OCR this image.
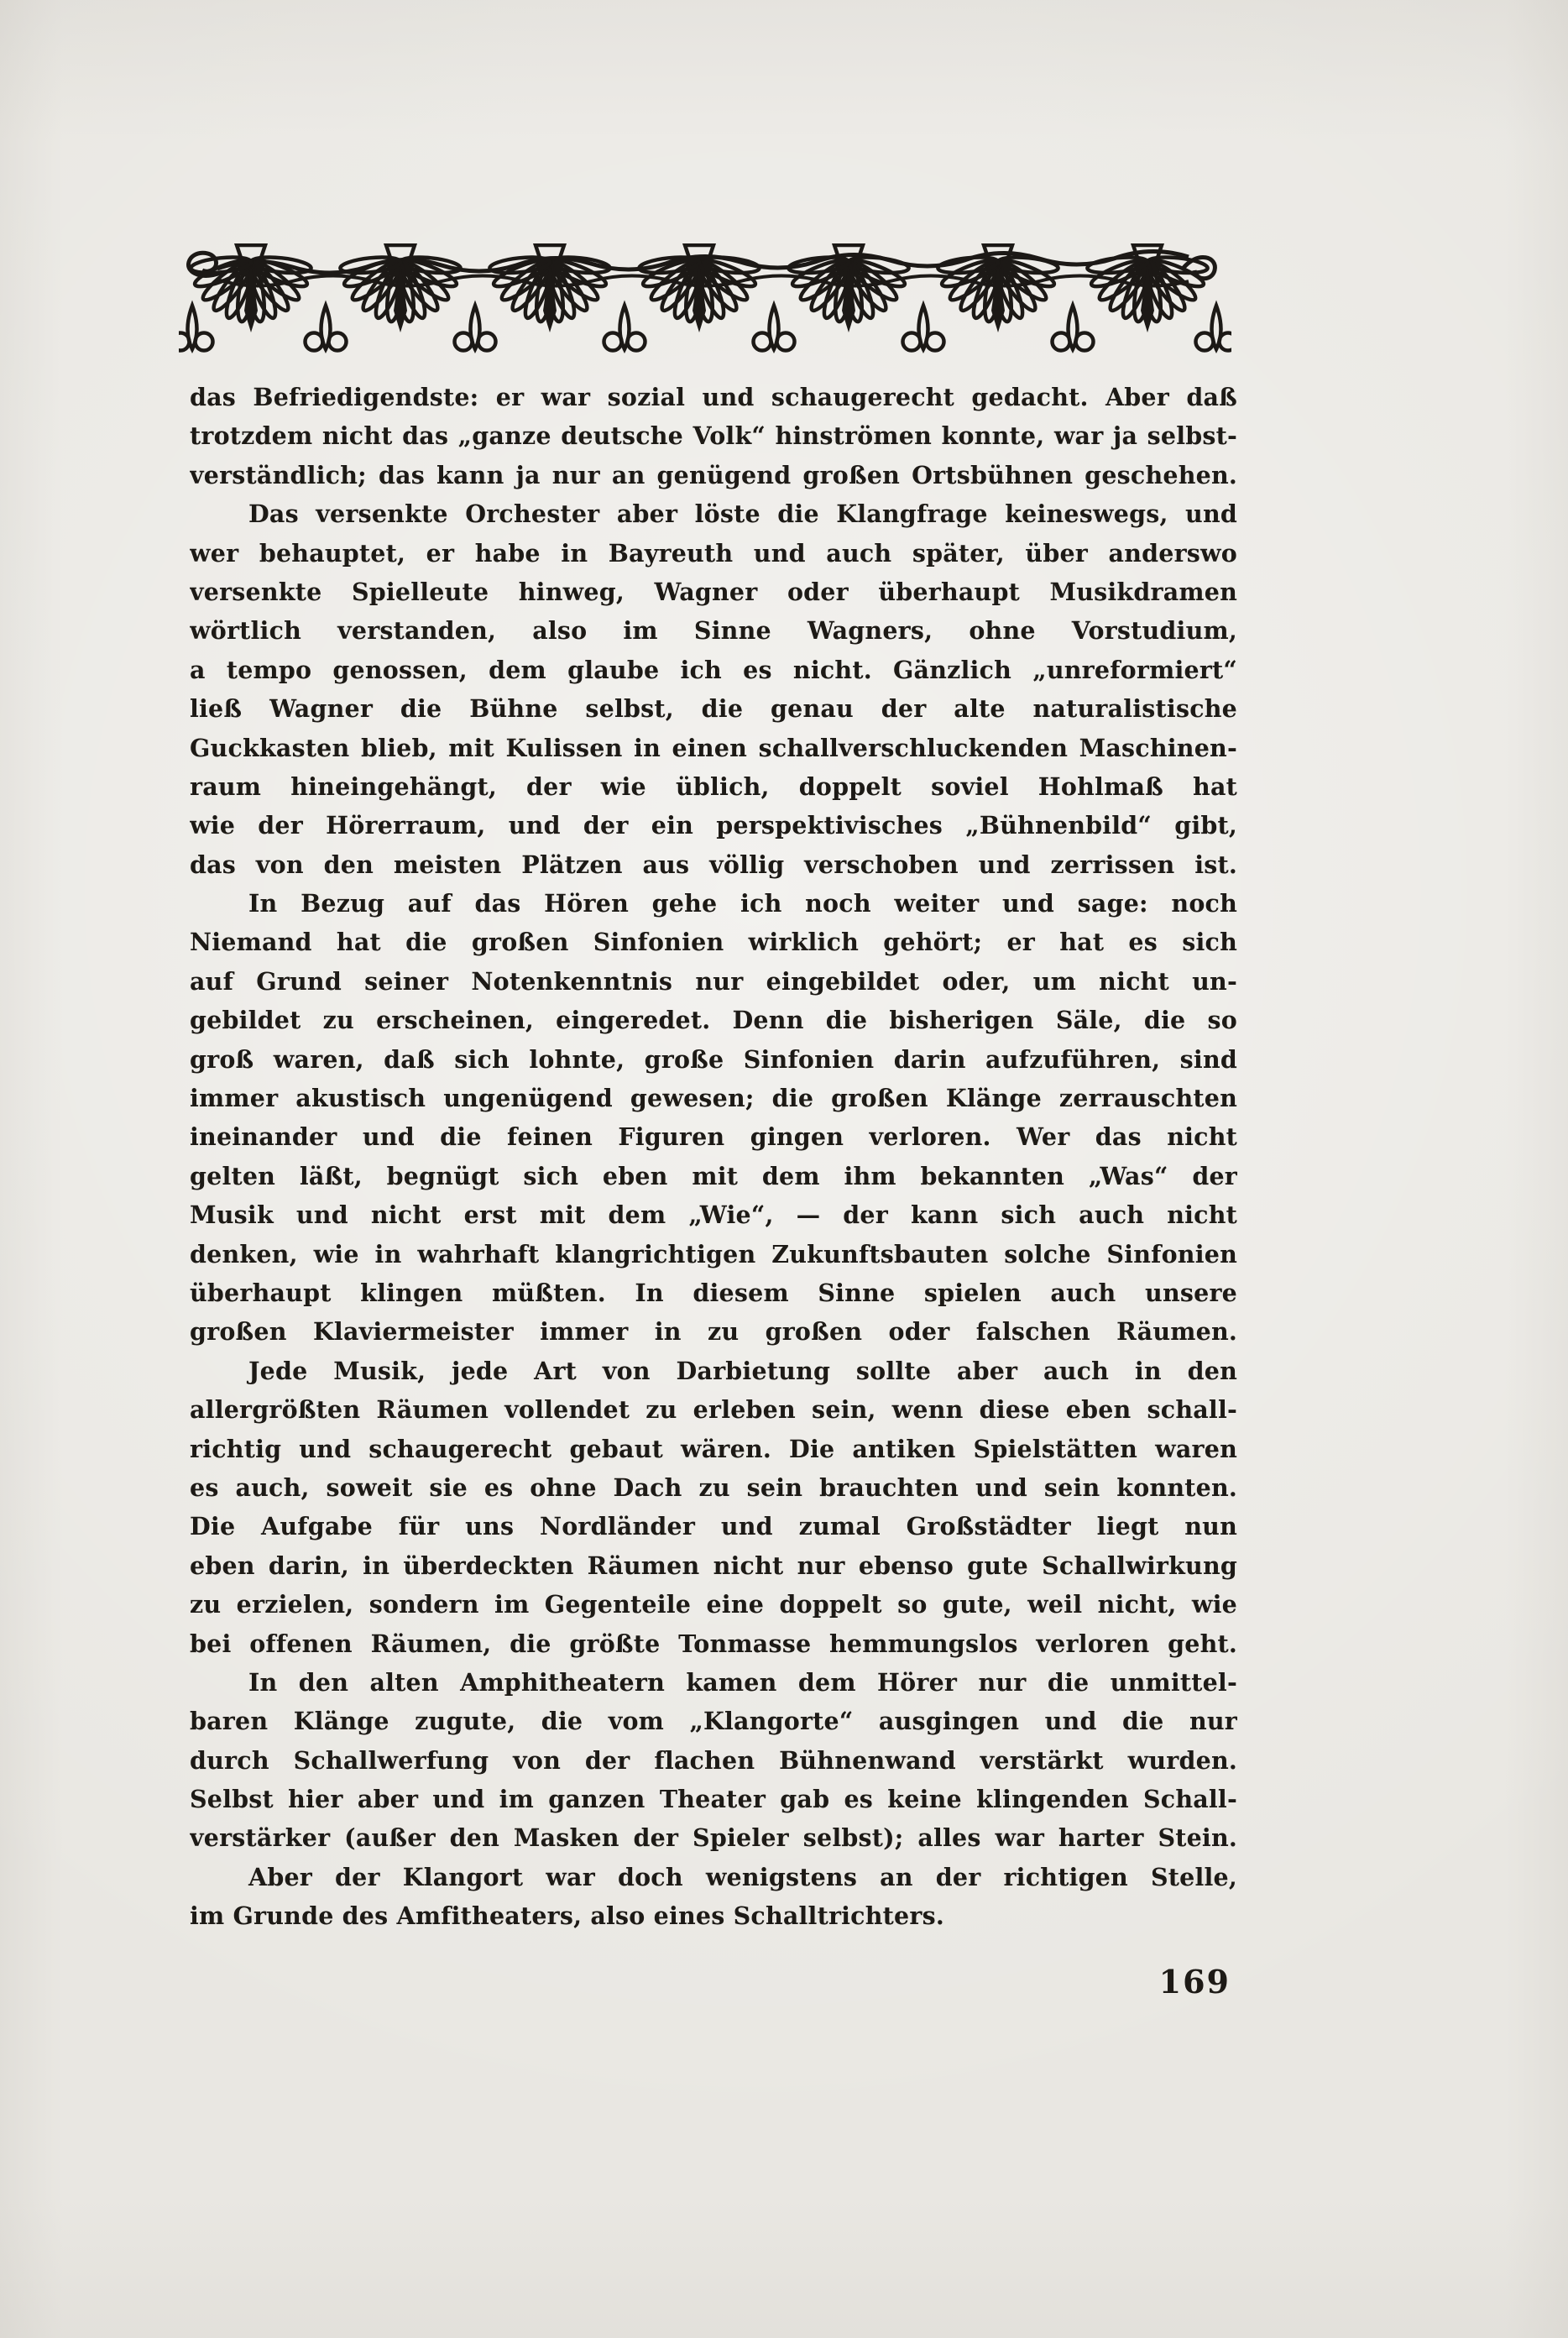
das Befriedigendste: er war sozial und schaugerecht gedacht. Aber daß
trotzdem nicht das „ganze deutsche Volk“ hinströmen konnte, war ja selbst-
verständlich; das kann ja nur an genügend großen Ortsbühnen geschehen.
Das versenkte Orchester aber löste die Klangfrage keineswegs, und
wer behauptet, er habe in Bayreuth und auch später, über anderswo
versenkte Spielleute hinweg, Wagner oder überhaupt Musikdramen
wörtlich verstanden, also im Sinne Wagners, ohne Vorstudium,
a tempo genossen, dem glaube ich es nicht. Gänzlich „unreformiert“
ließ Wagner die Bühne selbst, die genau der alte naturalistische
Guckkasten blieb, mit Kulissen in einen schallverschluckenden Maschinen-
raum hineingehängt, der wie üblich, doppelt soviel Hohlmaß hat
wie der Hörerraum, und der ein perspektivisches „Bühnenbild“ gibt,
das von den meisten Plätzen aus völlig verschoben und zerrissen ist.
In Bezug auf das Hören gehe ich noch weiter und sage: noch
Niemand hat die großen Sinfonien wirklich gehört; er hat es sich
auf Grund seiner Notenkenntnis nur eingebildet oder, um nicht un-
gebildet zu erscheinen, eingeredet. Denn die bisherigen Säle, die so
groß waren, daß sich lohnte, große Sinfonien darin aufzuführen, sind
immer akustisch ungenügend gewesen; die großen Klänge zerrauschten
ineinander und die feinen Figuren gingen verloren. Wer das nicht
gelten läßt, begnügt sich eben mit dem ihm bekannten „Was“ der
Musik und nicht erst mit dem „Wie“, — der kann sich auch nicht
denken, wie in wahrhaft klangrichtigen Zukunftsbauten solche Sinfonien
überhaupt klingen müßten. In diesem Sinne spielen auch unsere
großen Klaviermeister immer in zu großen oder falschen Räumen.
Jede Musik, jede Art von Darbietung sollte aber auch in den
allergrößten Räumen vollendet zu erleben sein, wenn diese eben schall-
richtig und schaugerecht gebaut wären. Die antiken Spielstätten waren
es auch, soweit sie es ohne Dach zu sein brauchten und sein konnten.
Die Aufgabe für uns Nordländer und zumal Großstädter liegt nun
eben darin, in überdeckten Räumen nicht nur ebenso gute Schallwirkung
zu erzielen, sondern im Gegenteile eine doppelt so gute, weil nicht, wie
bei offenen Räumen, die größte Tonmasse hemmungslos verloren geht.
In den alten Amphitheatern kamen dem Hörer nur die unmittel-
baren Klänge zugute, die vom „Klangorte“ ausgingen und die nur
durch Schallwerfung von der flachen Bühnenwand verstärkt wurden.
Selbst hier aber und im ganzen Theater gab es keine klingenden Schall-
verstärker (außer den Masken der Spieler selbst); alles war harter Stein.
Aber der Klangort war doch wenigstens an der richtigen Stelle,
im Grunde des Amfitheaters, also eines Schalltrichters.
169
